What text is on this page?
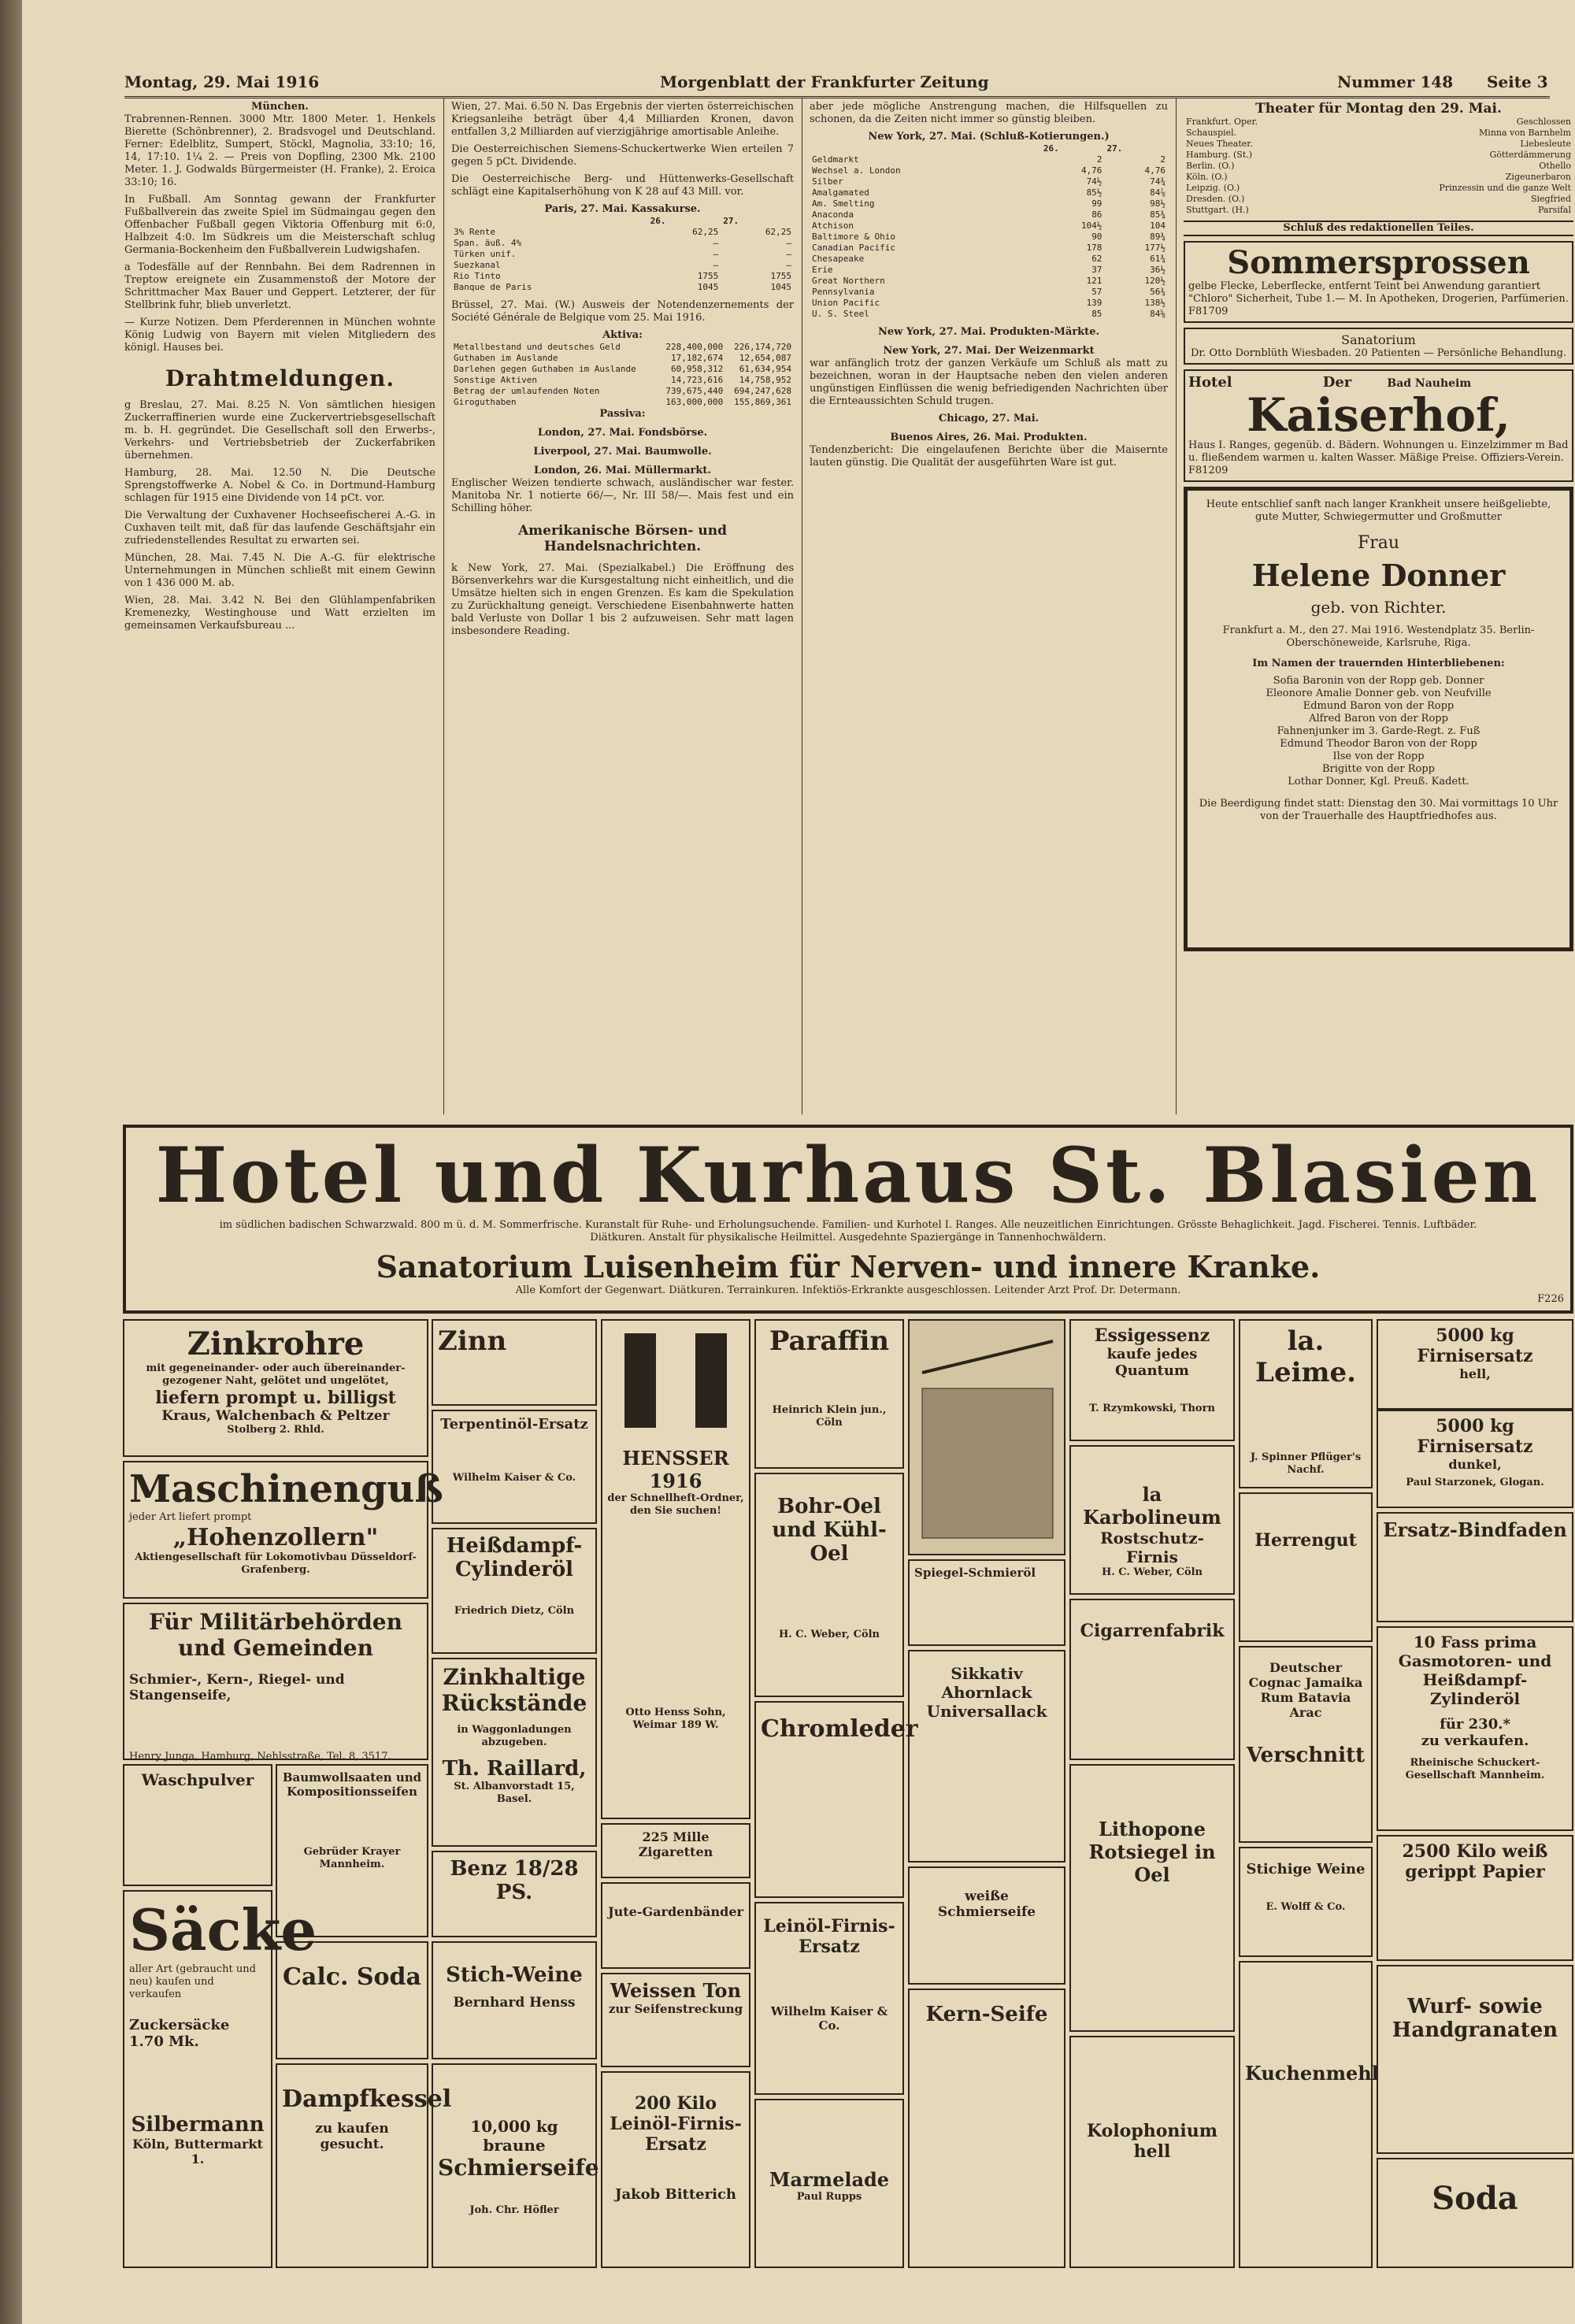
Montag, 29. Mai 1916	Morgenblatt der Frankfurter Zeitung	Nummer 148 Seite 3
München.

Trabrennen-Rennen. 3000 Mtr. 1800 Meter. 1. Henkels Bierette (Schönbrenner), 2. Bradsvogel und Deutschland. Ferner: Edelblitz, Sumpert, Stöckl, Magnolia, 33:10; 16, 14, 17:10. 1¼ 2. — Preis von Dopfling, 2300 Mk. 2100 Meter. 1. J. Godwalds Bürgermeister (H. Franke), 2. Eroica 33:10; 16.

In Fußball. Am Sonntag gewann der Frankfurter Fußballverein das zweite Spiel im Südmaingau gegen den Offenbacher Fußball gegen Viktoria Offenburg mit 6:0, Halbzeit 4:0. Im Südkreis um die Meisterschaft schlug Germania-Bockenheim den Fußballverein Ludwigshafen.

a Todesfälle auf der Rennbahn. Bei dem Radrennen in Treptow ereignete ein Zusammenstoß der Motore der Schrittmacher Max Bauer und Geppert. Letzterer, der für Stellbrink fuhr, blieb unverletzt.

— Kurze Notizen. Dem Pferderennen in München wohnte König Ludwig von Bayern mit vielen Mitgliedern des königl. Hauses bei.

Drahtmeldungen.

g Breslau, 27. Mai. 8.25 N. Von sämtlichen hiesigen Zuckerraffinerien wurde eine Zuckervertriebsgesellschaft m. b. H. gegründet. Die Gesellschaft soll den Erwerbs-, Verkehrs- und Vertriebsbetrieb der Zuckerfabriken übernehmen.

Hamburg, 28. Mai. 12.50 N. Die Deutsche Sprengstoffwerke A. Nobel & Co. in Dortmund-Hamburg schlagen für 1915 eine Dividende von 14 pCt. vor.

Die Verwaltung der Cuxhavener Hochseefischerei A.-G. in Cuxhaven teilt mit, daß für das laufende Geschäftsjahr ein zufriedenstellendes Resultat zu erwarten sei.

München, 28. Mai. 7.45 N. Die A.-G. für elektrische Unternehmungen in München schließt mit einem Gewinn von 1 436 000 M. ab.

Wien, 28. Mai. 3.42 N. Bei den Glühlampenfabriken Kremenezky, Westinghouse und Watt erzielten im gemeinsamen Verkaufsbureau ...

Wien, 27. Mai. 6.50 N. Das Ergebnis der vierten österreichischen Kriegsanleihe beträgt über 4,4 Milliarden Kronen, davon entfallen 3,2 Milliarden auf vierzigjährige amortisable Anleihe.

Die Oesterreichischen Siemens-Schuckertwerke Wien erteilen 7 gegen 5 pCt. Dividende.

Die Oesterreichische Berg- und Hüttenwerks-Gesellschaft schlägt eine Kapitalserhöhung von K 28 auf 43 Mill. vor.

Paris, 27. Mai. Kassakurse.
	26.	27.
3% Rente	62,25	62,25
Span. äuß. 4%	—	—
Türken unif.	—	—
Suezkanal	—	—
Rio Tinto	1755	1755
Banque de Paris	1045	1045

Brüssel, 27. Mai. (W.) Ausweis der Notendenzernements der Société Générale de Belgique vom 25. Mai 1916.

Aktiva:
Metallbestand und deutsches Geld	228,400,000	226,174,720
Guthaben im Auslande	17,182,674	12,654,087
Darlehen gegen Guthaben im Auslande	60,958,312	61,634,954
Sonstige Aktiven	14,723,616	14,758,952
Betrag der umlaufenden Noten	739,675,440	694,247,628
Giroguthaben	163,000,000	155,869,361
Passiva:
London, 27. Mai. Fondsbörse.
Liverpool, 27. Mai. Baumwolle.
London, 26. Mai. Müllermarkt.

Englischer Weizen tendierte schwach, ausländischer war fester. Manitoba Nr. 1 notierte 66/—, Nr. III 58/—. Mais fest und ein Schilling höher.

Amerikanische Börsen- und Handelsnachrichten.

k New York, 27. Mai. (Spezialkabel.) Die Eröffnung des Börsenverkehrs war die Kursgestaltung nicht einheitlich, und die Umsätze hielten sich in engen Grenzen. Es kam die Spekulation zu Zurückhaltung geneigt. Verschiedene Eisenbahnwerte hatten bald Verluste von Dollar 1 bis 2 aufzuweisen. Sehr matt lagen insbesondere Reading.

aber jede mögliche Anstrengung machen, die Hilfsquellen zu schonen, da die Zeiten nicht immer so günstig bleiben.

New York, 27. Mai. (Schluß-Kotierungen.)
	26.	27.
Geldmarkt	2	2
Wechsel a. London	4,76	4,76
Silber	74½	74¾
Amalgamated	85½	84⅞
Am. Smelting	99	98½
Anaconda	86	85¾
Atchison	104½	104
Baltimore & Ohio	90	89¾
Canadian Pacific	178	177½
Chesapeake	62	61¾
Erie	37	36½
Great Northern	121	120½
Pennsylvania	57	56¾
Union Pacific	139	138½
U. S. Steel	85	84⅝
New York, 27. Mai. Produkten-Märkte.
New York, 27. Mai. Der Weizenmarkt

war anfänglich trotz der ganzen Verkäufe um Schluß als matt zu bezeichnen, woran in der Hauptsache neben den vielen anderen ungünstigen Einflüssen die wenig befriedigenden Nachrichten über die Ernteaussichten Schuld trugen.

Chicago, 27. Mai.
Buenos Aires, 26. Mai. Produkten.

Tendenzbericht: Die eingelaufenen Berichte über die Maisernte lauten günstig. Die Qualität der ausgeführten Ware ist gut.

Theater für Montag den 29. Mai.
Frankfurt. Oper.	Geschlossen
Schauspiel.	Minna von Barnhelm
Neues Theater.	Liebesleute
Hamburg. (St.)	Götterdämmerung
Berlin. (O.)	Othello
Köln. (O.)	Zigeunerbaron
Leipzig. (O.)	Prinzessin und die ganze Welt
Dresden. (O.)	Siegfried
Stuttgart. (H.)	Parsifal
Schluß des redaktionellen Teiles.
Sommersprossen
gelbe Flecke, Leberflecke, entfernt Teint bei Anwendung garantiert "Chloro" Sicherheit, Tube 1.— M. In Apotheken, Drogerien, Parfümerien. F81709
Sanatorium
Dr. Otto Dornblüth Wiesbaden. 20 Patienten — Persönliche Behandlung.
Hotel	Der	Bad Nauheim
Kaiserhof,
Haus I. Ranges, gegenüb. d. Bädern. Wohnungen u. Einzelzimmer m Bad u. fließendem warmen u. kalten Wasser. Mäßige Preise. Offiziers-Verein. F81209
Heute entschlief sanft nach langer Krankheit unsere heißgeliebte, gute Mutter, Schwiegermutter und Großmutter
Frau
Helene Donner
geb. von Richter.
Frankfurt a. M., den 27. Mai 1916. Westendplatz 35. Berlin-Oberschöneweide, Karlsruhe, Riga.
Im Namen der trauernden Hinterbliebenen:
Sofia Baronin von der Ropp geb. Donner
Eleonore Amalie Donner geb. von Neufville
Edmund Baron von der Ropp
Alfred Baron von der Ropp
Fahnenjunker im 3. Garde-Regt. z. Fuß
Edmund Theodor Baron von der Ropp
Ilse von der Ropp
Brigitte von der Ropp
Lothar Donner, Kgl. Preuß. Kadett.
Die Beerdigung findet statt: Dienstag den 30. Mai vormittags 10 Uhr von der Trauerhalle des Hauptfriedhofes aus.
Hotel und Kurhaus St. Blasien
im südlichen badischen Schwarzwald. 800 m ü. d. M. Sommerfrische. Kuranstalt für Ruhe- und Erholungsuchende. Familien- und Kurhotel I. Ranges. Alle neuzeitlichen Einrichtungen. Grösste Behaglichkeit. Jagd. Fischerei. Tennis. Luftbäder.
Diätkuren. Anstalt für physikalische Heilmittel. Ausgedehnte Spaziergänge in Tannenhochwäldern.
Sanatorium Luisenheim für Nerven- und innere Kranke.
Alle Komfort der Gegenwart. Diätkuren. Terrainkuren. Infektiös-Erkrankte ausgeschlossen. Leitender Arzt Prof. Dr. Determann.
F226
Zinkrohre
mit gegeneinander- oder auch übereinander-gezogener Naht, gelötet und ungelötet,
liefern prompt u. billigst
Kraus, Walchenbach & Peltzer
Stolberg 2. Rhld.
Maschinenguß
jeder Art liefert prompt
„Hohenzollern"
Aktiengesellschaft für Lokomotivbau Düsseldorf-Grafenberg.
Für Militärbehörden und Gemeinden
Schmier-, Kern-, Riegel- und Stangenseife,
Henry Junga, Hamburg, Nehlsstraße, Tel. 8, 3517.
Waschpulver	Baumwollsaaten und Kompositionsseifen
Gebrüder Krayer Mannheim.
Säcke
aller Art (gebraucht und neu) kaufen und verkaufen
Zuckersäcke 1.70 Mk.
Silbermann
Köln, Buttermarkt 1.
Calc. Soda
Dampfkessel
zu kaufen gesucht.
Zinn
Terpentinöl-Ersatz
Wilhelm Kaiser & Co.
Heißdampf-Cylinderöl
Friedrich Dietz, Cöln
Zinkhaltige Rückstände
in Waggonladungen abzugeben.
Th. Raillard,
St. Albanvorstadt 15, Basel.
Benz 18/28 PS.
Stich-Weine
Bernhard Henss
10,000 kg braune
Schmierseife
Joh. Chr. Höfler
HENSSER 1916
der Schnellheft-Ordner, den Sie suchen!
Otto Henss Sohn, Weimar 189 W.
225 Mille Zigaretten
Jute-Gardenbänder
Weissen Ton
zur Seifenstreckung
200 Kilo Leinöl-Firnis-Ersatz
Jakob Bitterich
Paraffin
Heinrich Klein jun., Cöln
Bohr-Oel und Kühl-Oel
H. C. Weber, Cöln
Chromleder
Leinöl-Firnis-Ersatz
Wilhelm Kaiser & Co.
Marmelade
Paul Rupps
Spiegel-Schmieröl
Sikkativ Ahornlack Universallack
weiße Schmierseife
Kern-Seife
Essigessenz
kaufe jedes Quantum
T. Rzymkowski, Thorn
la Karbolineum
Rostschutz-Firnis
H. C. Weber, Cöln
Cigarrenfabrik
Lithopone Rotsiegel in Oel
Kolophonium hell
la. Leime.
J. Spinner Pflüger's Nachf.
Herrengut
Deutscher Cognac Jamaika Rum Batavia Arac
Verschnitt
Stichige Weine
E. Wolff & Co.
Kuchenmehl
5000 kg Firnisersatz
hell,
5000 kg Firnisersatz
dunkel,
Paul Starzonek, Glogan.
Ersatz-Bindfaden
10 Fass prima Gasmotoren- und Heißdampf-Zylinderöl
für 230.*
zu verkaufen.
Rheinische Schuckert-Gesellschaft Mannheim.
2500 Kilo weiß gerippt Papier
Wurf- sowie Handgranaten
Soda
